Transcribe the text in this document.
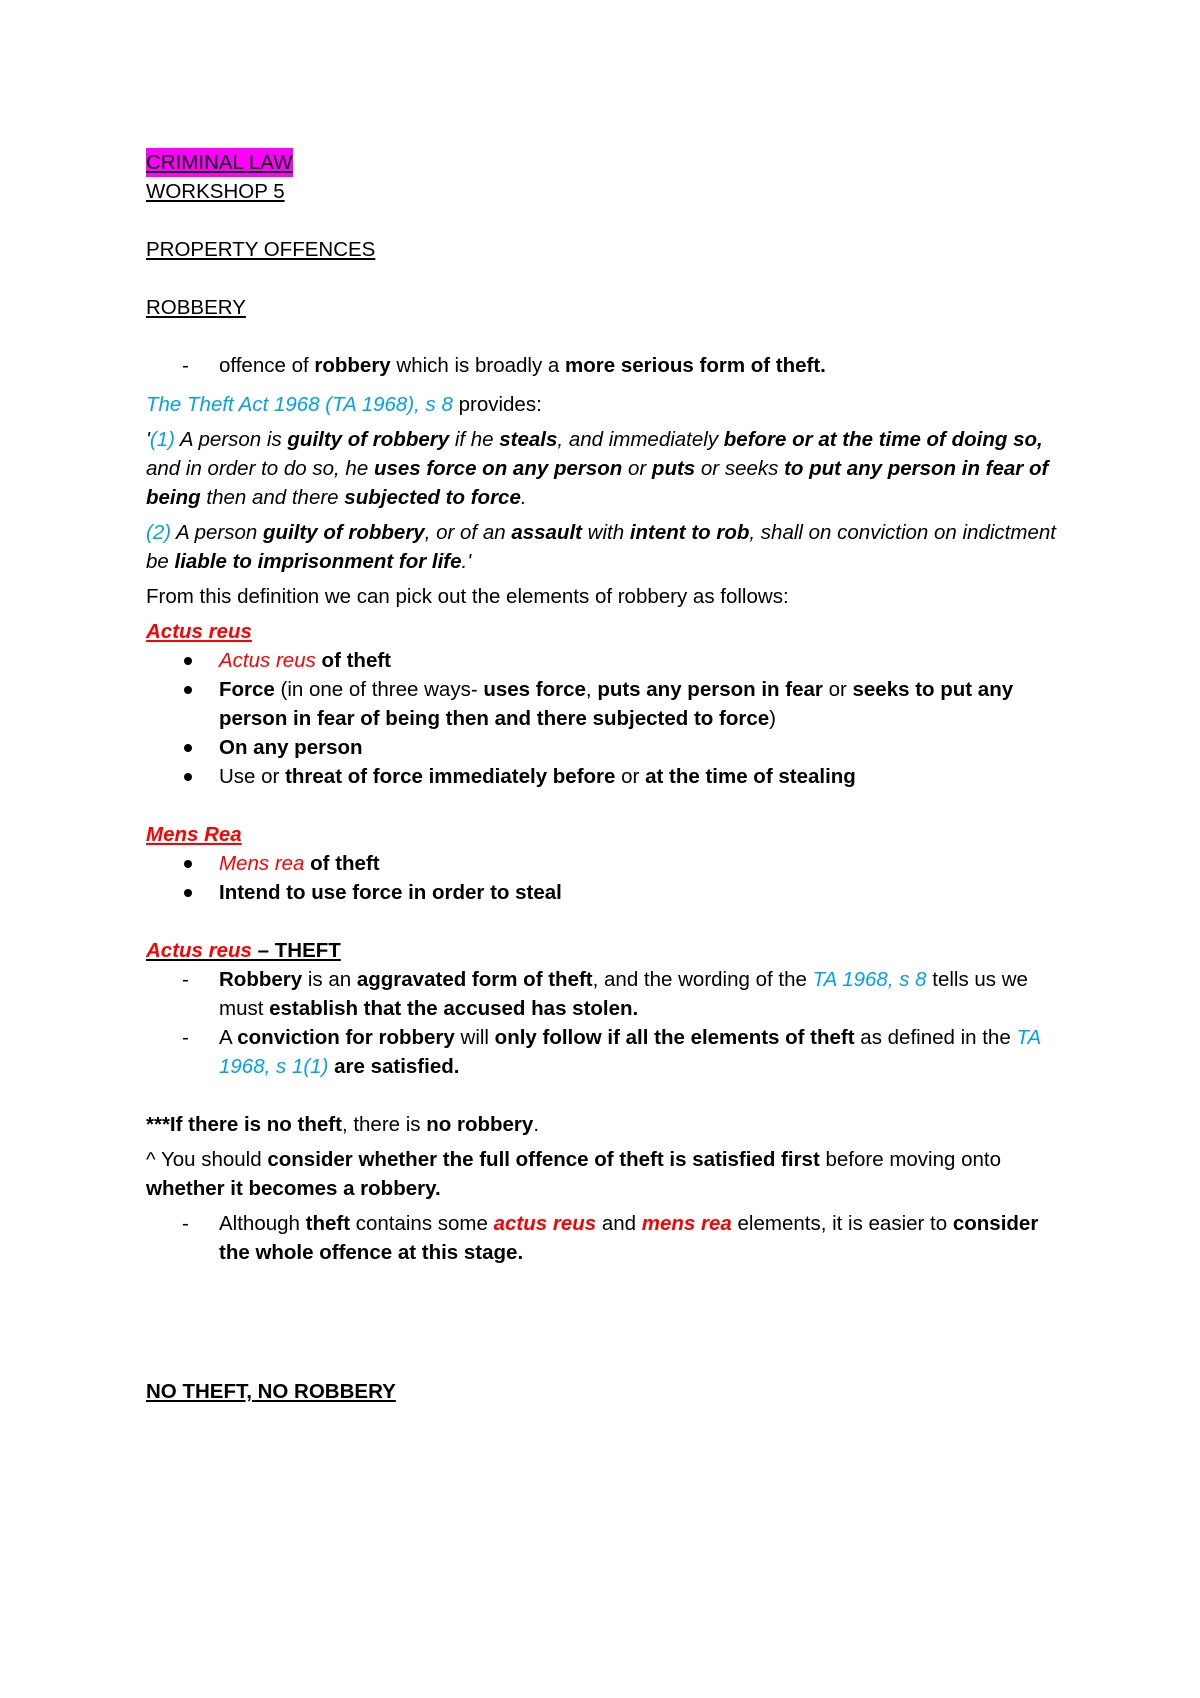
CRIMINAL LAW
WORKSHOP 5
PROPERTY OFFENCES
ROBBERY
- offence of robbery which is broadly a more serious form of theft.

The Theft Act 1968 (TA 1968), s 8 provides:

'(1) A person is guilty of robbery if he steals, and immediately before or at the time of doing so, and in order to do so, he uses force on any person or puts or seeks to put any person in fear of being then and there subjected to force.

(2) A person guilty of robbery, or of an assault with intent to rob, shall on conviction on indictment be liable to imprisonment for life.'

From this definition we can pick out the elements of robbery as follows:

Actus reus
Actus reus of theft
Force (in one of three ways- uses force, puts any person in fear or seeks to put any person in fear of being then and there subjected to force)
On any person
Use or threat of force immediately before or at the time of stealing
Mens Rea
Mens rea of theft
Intend to use force in order to steal
Actus reus – THEFT
- Robbery is an aggravated form of theft, and the wording of the TA 1968, s 8 tells us we must establish that the accused has stolen.
- A conviction for robbery will only follow if all the elements of theft as defined in the TA 1968, s 1(1) are satisfied.

***If there is no theft, there is no robbery.

^ You should consider whether the full offence of theft is satisfied first before moving onto whether it becomes a robbery.

- Although theft contains some actus reus and mens rea elements, it is easier to consider the whole offence at this stage.
NO THEFT, NO ROBBERY
